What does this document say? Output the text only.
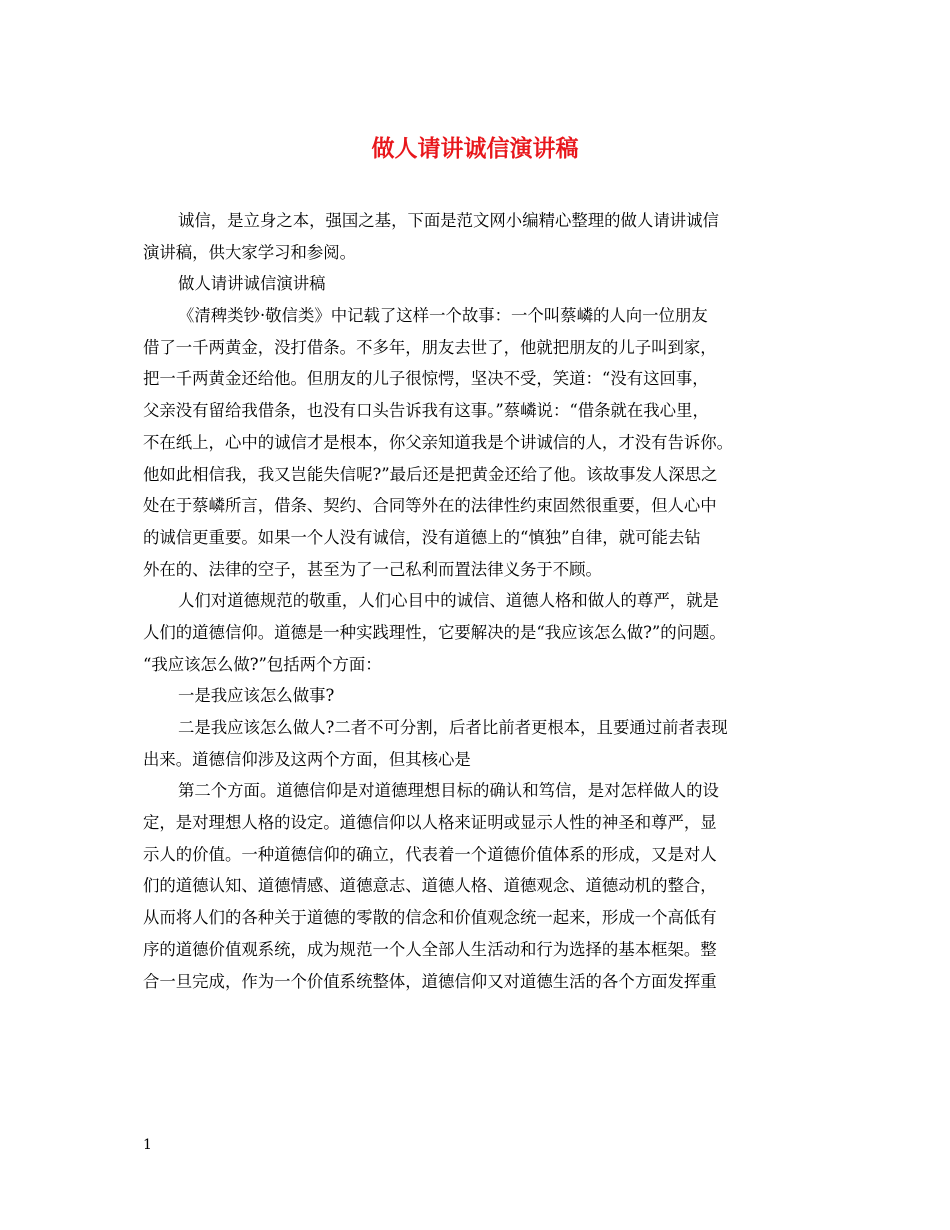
做人请讲诚信演讲稿
诚信，是立身之本，强国之基，下面是范文网小编精心整理的做人请讲诚信
演讲稿，供大家学习和参阅。
做人请讲诚信演讲稿
《清稗类钞·敬信类》中记载了这样一个故事：一个叫蔡嶙的人向一位朋友
借了一千两黄金，没打借条。不多年，朋友去世了，他就把朋友的儿子叫到家，
把一千两黄金还给他。但朋友的儿子很惊愕，坚决不受，笑道：“没有这回事，
父亲没有留给我借条，也没有口头告诉我有这事。”蔡嶙说：“借条就在我心里，
不在纸上，心中的诚信才是根本，你父亲知道我是个讲诚信的人，才没有告诉你。
他如此相信我，我又岂能失信呢?”最后还是把黄金还给了他。该故事发人深思之
处在于蔡嶙所言，借条、契约、合同等外在的法律性约束固然很重要，但人心中
的诚信更重要。如果一个人没有诚信，没有道德上的“慎独”自律，就可能去钻
外在的、法律的空子，甚至为了一己私利而置法律义务于不顾。
人们对道德规范的敬重，人们心目中的诚信、道德人格和做人的尊严，就是
人们的道德信仰。道德是一种实践理性，它要解决的是“我应该怎么做?”的问题。
“我应该怎么做?”包括两个方面：
一是我应该怎么做事?
二是我应该怎么做人?二者不可分割，后者比前者更根本，且要通过前者表现
出来。道德信仰涉及这两个方面，但其核心是
第二个方面。道德信仰是对道德理想目标的确认和笃信，是对怎样做人的设
定，是对理想人格的设定。道德信仰以人格来证明或显示人性的神圣和尊严，显
示人的价值。一种道德信仰的确立，代表着一个道德价值体系的形成，又是对人
们的道德认知、道德情感、道德意志、道德人格、道德观念、道德动机的整合，
从而将人们的各种关于道德的零散的信念和价值观念统一起来，形成一个高低有
序的道德价值观系统，成为规范一个人全部人生活动和行为选择的基本框架。整
合一旦完成，作为一个价值系统整体，道德信仰又对道德生活的各个方面发挥重
1
